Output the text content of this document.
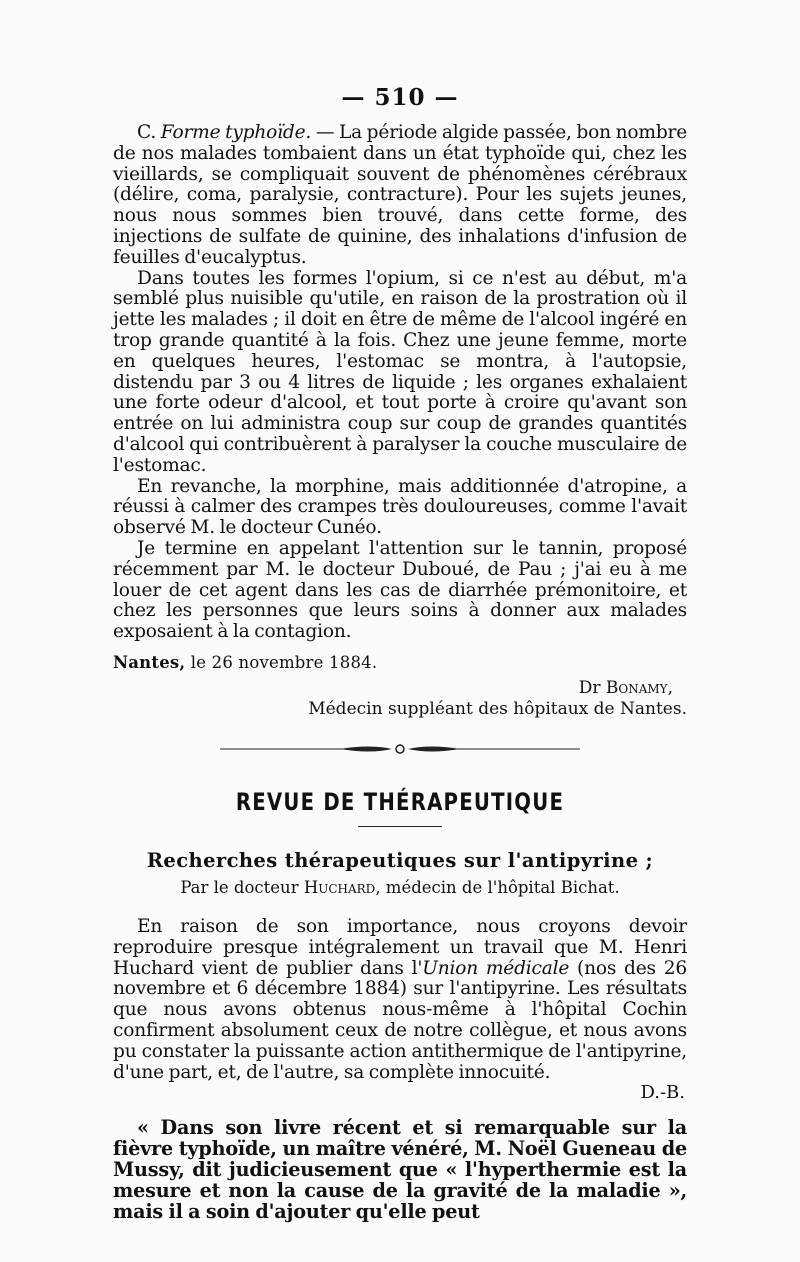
— 510 —

C. Forme typhoïde. — La période algide passée, bon nombre de nos malades tombaient dans un état typhoïde qui, chez les vieillards, se compliquait souvent de phénomènes cérébraux (délire, coma, paralysie, contracture). Pour les sujets jeunes, nous nous sommes bien trouvé, dans cette forme, des injections de sulfate de quinine, des inhalations d'infusion de feuilles d'eucalyptus.

Dans toutes les formes l'opium, si ce n'est au début, m'a semblé plus nuisible qu'utile, en raison de la prostration où il jette les malades ; il doit en être de même de l'alcool ingéré en trop grande quantité à la fois. Chez une jeune femme, morte en quelques heures, l'estomac se montra, à l'autopsie, distendu par 3 ou 4 litres de liquide ; les organes exhalaient une forte odeur d'alcool, et tout porte à croire qu'avant son entrée on lui administra coup sur coup de grandes quantités d'alcool qui contribuèrent à paralyser la couche musculaire de l'estomac.

En revanche, la morphine, mais additionnée d'atropine, a réussi à calmer des crampes très douloureuses, comme l'avait observé M. le docteur Cunéo.

Je termine en appelant l'attention sur le tannin, proposé récemment par M. le docteur Duboué, de Pau ; j'ai eu à me louer de cet agent dans les cas de diarrhée prémonitoire, et chez les personnes que leurs soins à donner aux malades exposaient à la contagion.

Nantes, le 26 novembre 1884.
Dr Bonamy,
Médecin suppléant des hôpitaux de Nantes.
REVUE DE THÉRAPEUTIQUE
Recherches thérapeutiques sur l'antipyrine ;
Par le docteur Huchard, médecin de l'hôpital Bichat.

En raison de son importance, nous croyons devoir reproduire presque intégralement un travail que M. Henri Huchard vient de publier dans l'Union médicale (nos des 26 novembre et 6 décembre 1884) sur l'antipyrine. Les résultats que nous avons obtenus nous-même à l'hôpital Cochin confirment absolument ceux de notre collègue, et nous avons pu constater la puissante action antithermique de l'antipyrine, d'une part, et, de l'autre, sa complète innocuité.

D.-B.

« Dans son livre récent et si remarquable sur la fièvre typhoïde, un maître vénéré, M. Noël Gueneau de Mussy, dit judicieusement que « l'hyperthermie est la mesure et non la cause de la gravité de la maladie », mais il a soin d'ajouter qu'elle peut
